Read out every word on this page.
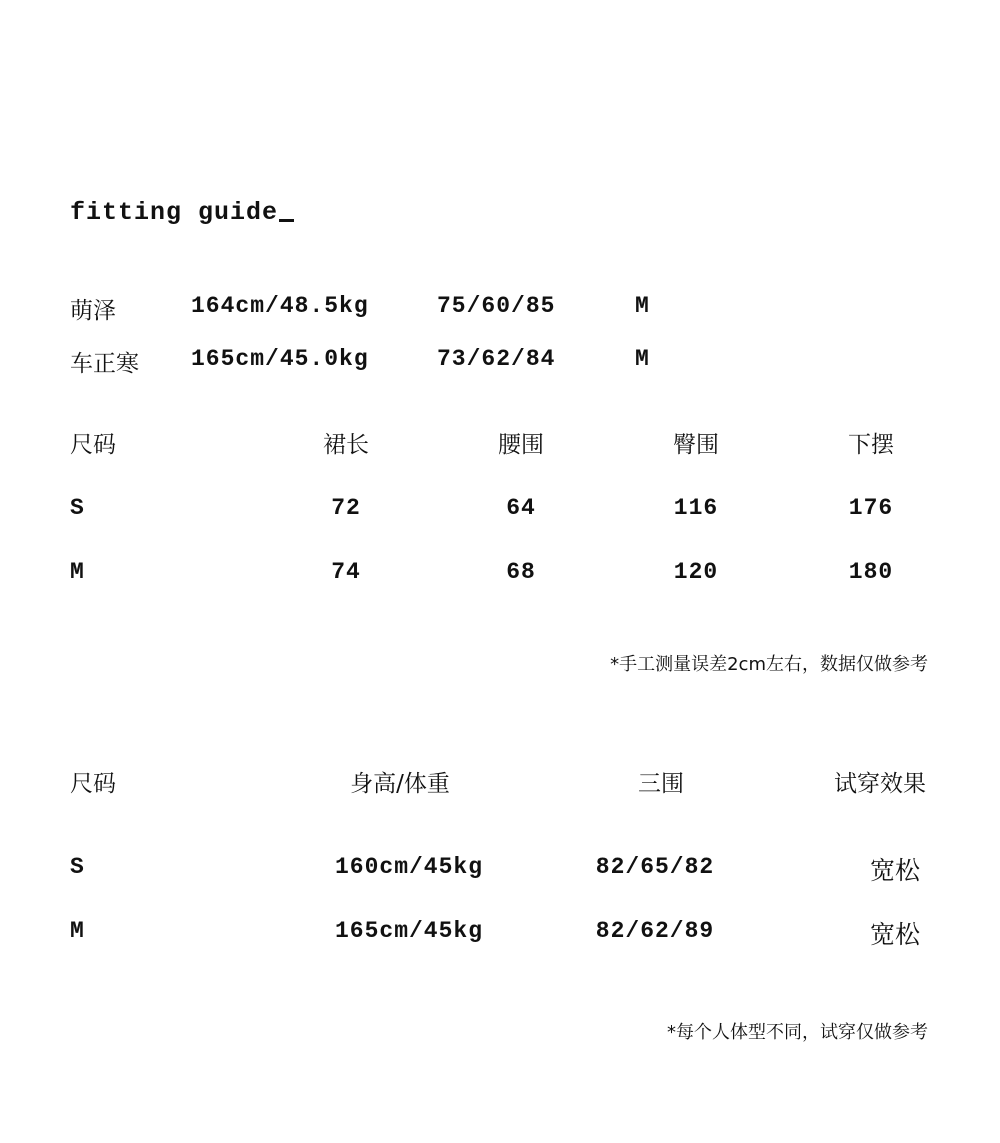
fitting guide
萌泽	164cm/48.5kg	75/60/85	M
车正寒 165cm/45.0kg	73/62/84	M
尺码	裙长	腰围	臀围	下摆
S	72	64	116	176
M	74	68	120	180
*手工测量误差2cm左右，数据仅做参考
尺码	身高/体重	三围	试穿效果
S	160cm/45kg	82/65/82	宽松
M	165cm/45kg	82/62/89	宽松
*每个人体型不同，试穿仅做参考
